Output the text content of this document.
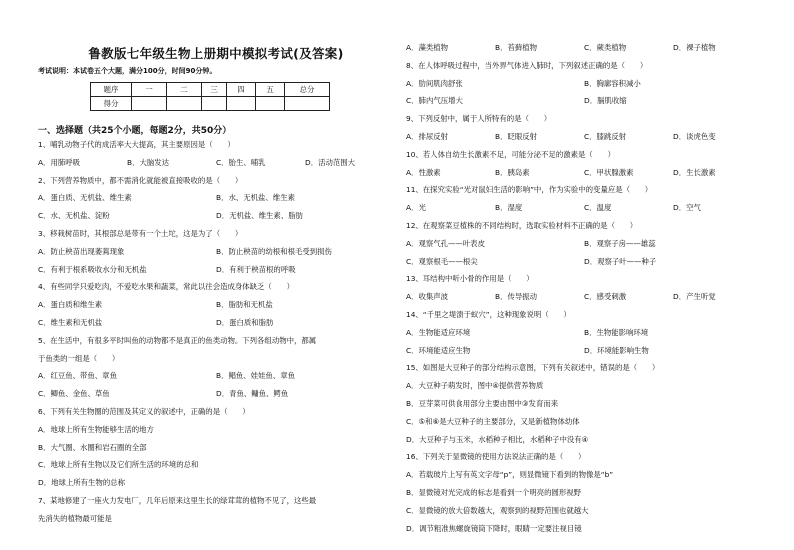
鲁教版七年级生物上册期中模拟考试(及答案)
考试说明：本试卷五个大题，满分100分，时间90分钟。
题序	一	二	三	四	五	总分
得分						
一、选择题（共25个小题，每题2分，共50分）
1、哺乳动物子代的成活率大大提高，其主要原因是（　　）
A．用肺呼吸	B．大脑发达	C．胎生、哺乳	D．活动范围大
2、下列营养物质中，都不需消化就能被直接吸收的是（　　）
A．蛋白质、无机盐、维生素	B．水、无机盐、维生素
C．水、无机盐、淀粉	D．无机盐、维生素、脂肪
3、移栽树苗时，其根部总是带有一个土坨，这是为了（　　）
A．防止秧苗出现萎蔫现象	B．防止秧苗的幼根和根毛受到损伤
C．有利于根系吸收水分和无机盐	D．有利于秧苗根的呼吸
4、有些同学只爱吃肉，不爱吃水果和蔬菜，常此以往会造成身体缺乏（　　）
A．蛋白质和维生素	B．脂肪和无机盐
C．维生素和无机盐	D．蛋白质和脂肪
5、在生活中，有很多平时叫鱼的动物都不是真正的鱼类动物。下列各组动物中，都属
于鱼类的一组是（　　）
A．红豆鱼、带鱼、章鱼	B．鲳鱼、娃娃鱼、章鱼
C．鲫鱼、金鱼、草鱼	D．青鱼、鳙鱼、鳄鱼
6、下列有关生物圈的范围及其定义的叙述中，正确的是（　　）
A．地球上所有生物能够生活的地方
B．大气圈、水圈和岩石圈的全部
C．地球上所有生物以及它们所生活的环境的总和
D．地球上所有生物的总称
7、某地修建了一座火力发电厂，几年后原来这里生长的绿茸茸的植物不见了，这些最
先消失的植物最可能是
A．藻类植物	B．苔藓植物	C．蕨类植物	D．裸子植物
8、在人体呼吸过程中，当外界气体进入肺时，下列叙述正确的是（　　）
A．肋间肌肉舒张	B．胸廓容积减小
C．肺内气压增大	D．膈肌收缩
9、下列反射中，属于人所特有的是（　　）
A．排尿反射	B．眨眼反射	C．膝跳反射	D．谈虎色变
10、若人体自幼生长激素不足，可能分泌不足的激素是（　　）
A．性激素	B．胰岛素	C．甲状腺激素	D．生长激素
11、在探究实验“光对鼠妇生活的影响”中，作为实验中的变量应是（　　）
A．光	B．湿度	C．温度	D．空气
12、在观察菜豆植株的不同结构时，选取实验材料不正确的是（　　）
A．观察气孔——叶表皮	B．观察子房——雄蕊
C．观察根毛——根尖	D．观察子叶——种子
13、耳结构中听小骨的作用是（　　）
A．收集声波	B．传导振动	C．感受刺激	D．产生听觉
14、“千里之堤溃于蚁穴”，这种现象说明（　　）
A．生物能适应环境	B．生物能影响环境
C．环境能适应生物	D．环境能影响生物
15、如图是大豆种子的部分结构示意图，下列有关叙述中，错误的是（　　）
A．大豆种子萌发时，图中④提供营养物质
B．豆芽菜可供食用部分主要由图中③发育而来
C．⑤和⑥是大豆种子的主要部分，又是新植物体幼体
D．大豆种子与玉米，水稻种子相比，水稻种子中没有④
16、下列关于显微镜的使用方法说法正确的是（　　）
A．若载玻片上写有英文字母“p”，则显微镜下看到的物像是“b”
B．显微镜对光完成的标志是看到一个明亮的圆形视野
C．显微镜的放大倍数越大，观察到的视野范围也就越大
D．调节粗准焦螺旋镜筒下降时，眼睛一定要注视目镜
